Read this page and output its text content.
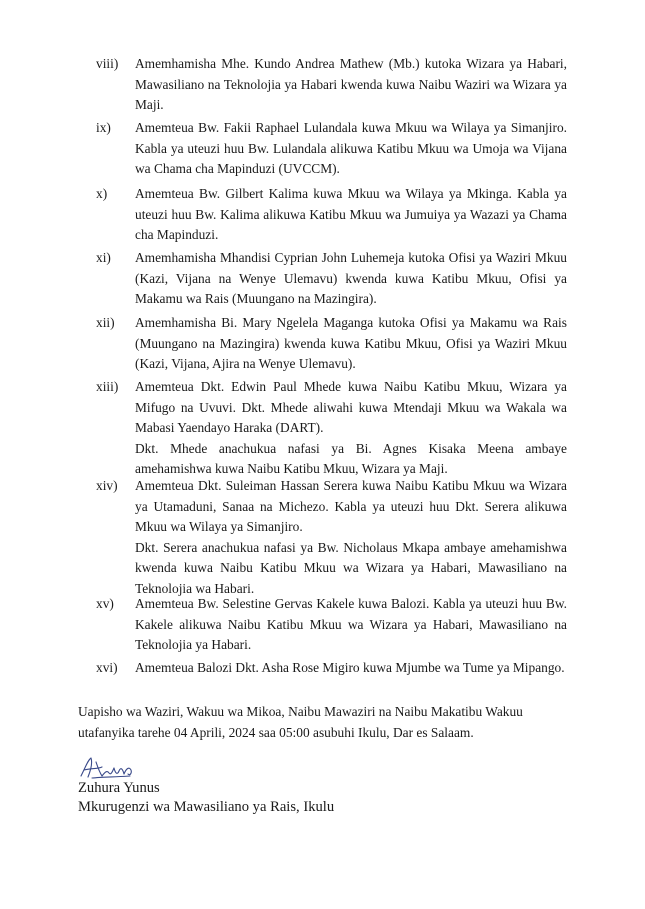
viii) Amemhamisha Mhe. Kundo Andrea Mathew (Mb.) kutoka Wizara ya Habari, Mawasiliano na Teknolojia ya Habari kwenda kuwa Naibu Waziri wa Wizara ya Maji.

ix) Amemteua Bw. Fakii Raphael Lulandala kuwa Mkuu wa Wilaya ya Simanjiro. Kabla ya uteuzi huu Bw. Lulandala alikuwa Katibu Mkuu wa Umoja wa Vijana wa Chama cha Mapinduzi (UVCCM).

x) Amemteua Bw. Gilbert Kalima kuwa Mkuu wa Wilaya ya Mkinga. Kabla ya uteuzi huu Bw. Kalima alikuwa Katibu Mkuu wa Jumuiya ya Wazazi ya Chama cha Mapinduzi.

xi) Amemhamisha Mhandisi Cyprian John Luhemeja kutoka Ofisi ya Waziri Mkuu (Kazi, Vijana na Wenye Ulemavu) kwenda kuwa Katibu Mkuu, Ofisi ya Makamu wa Rais (Muungano na Mazingira).

xii) Amemhamisha Bi. Mary Ngelela Maganga kutoka Ofisi ya Makamu wa Rais (Muungano na Mazingira) kwenda kuwa Katibu Mkuu, Ofisi ya Waziri Mkuu (Kazi, Vijana, Ajira na Wenye Ulemavu).

xiii) Amemteua Dkt. Edwin Paul Mhede kuwa Naibu Katibu Mkuu, Wizara ya Mifugo na Uvuvi. Dkt. Mhede aliwahi kuwa Mtendaji Mkuu wa Wakala wa Mabasi Yaendayo Haraka (DART).

Dkt. Mhede anachukua nafasi ya Bi. Agnes Kisaka Meena ambaye amehamishwa kuwa Naibu Katibu Mkuu, Wizara ya Maji.

xiv) Amemteua Dkt. Suleiman Hassan Serera kuwa Naibu Katibu Mkuu wa Wizara ya Utamaduni, Sanaa na Michezo. Kabla ya uteuzi huu Dkt. Serera alikuwa Mkuu wa Wilaya ya Simanjiro.

Dkt. Serera anachukua nafasi ya Bw. Nicholaus Mkapa ambaye amehamishwa kwenda kuwa Naibu Katibu Mkuu wa Wizara ya Habari, Mawasiliano na Teknolojia wa Habari.

xv) Amemteua Bw. Selestine Gervas Kakele kuwa Balozi. Kabla ya uteuzi huu Bw. Kakele alikuwa Naibu Katibu Mkuu wa Wizara ya Habari, Mawasiliano na Teknolojia ya Habari.

xvi) Amemteua Balozi Dkt. Asha Rose Migiro kuwa Mjumbe wa Tume ya Mipango.

Uapisho wa Waziri, Wakuu wa Mikoa, Naibu Mawaziri na Naibu Makatibu Wakuu utafanyika tarehe 04 Aprili, 2024 saa 05:00 asubuhi Ikulu, Dar es Salaam.

Zuhura Yunus
Mkurugenzi wa Mawasiliano ya Rais, Ikulu
